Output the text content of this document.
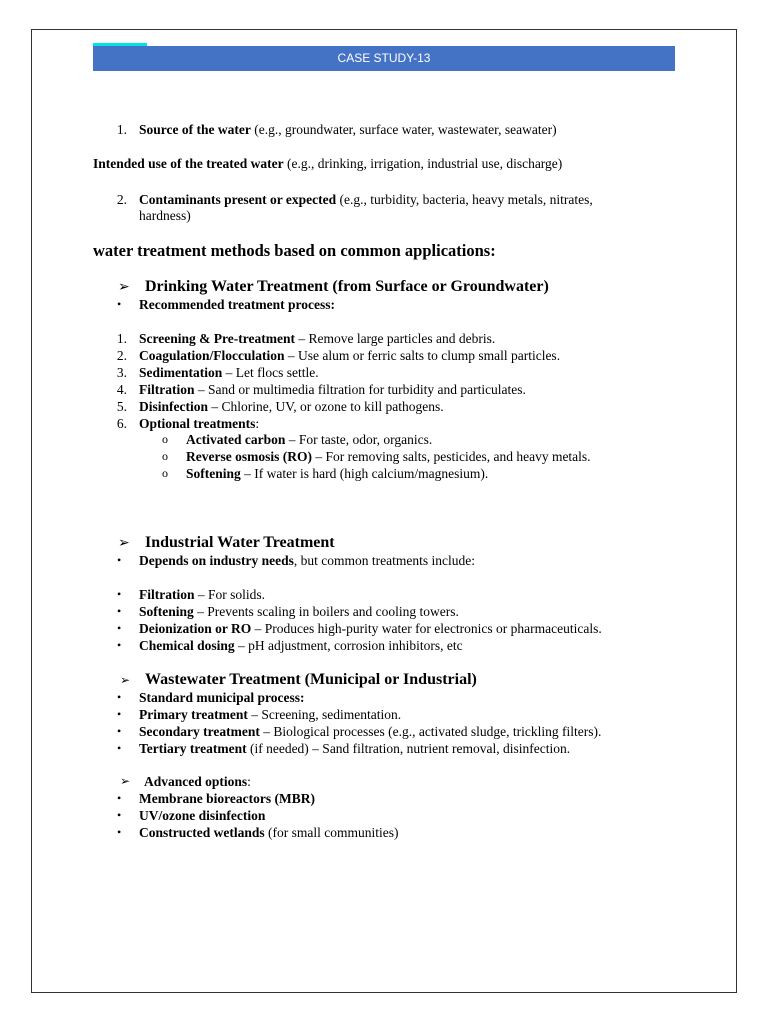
CASE STUDY-13
1. Source of the water (e.g., groundwater, surface water, wastewater, seawater)
Intended use of the treated water (e.g., drinking, irrigation, industrial use, discharge)
2. Contaminants present or expected (e.g., turbidity, bacteria, heavy metals, nitrates,
hardness)
water treatment methods based on common applications:
➢ Drinking Water Treatment (from Surface or Groundwater)
• Recommended treatment process:
1. Screening & Pre-treatment – Remove large particles and debris.
2. Coagulation/Flocculation – Use alum or ferric salts to clump small particles.
3. Sedimentation – Let flocs settle.
4. Filtration – Sand or multimedia filtration for turbidity and particulates.
5. Disinfection – Chlorine, UV, or ozone to kill pathogens.
6. Optional treatments:
o Activated carbon – For taste, odor, organics.
o Reverse osmosis (RO) – For removing salts, pesticides, and heavy metals.
o Softening – If water is hard (high calcium/magnesium).
➢ Industrial Water Treatment
• Depends on industry needs, but common treatments include:
• Filtration – For solids.
• Softening – Prevents scaling in boilers and cooling towers.
• Deionization or RO – Produces high-purity water for electronics or pharmaceuticals.
• Chemical dosing – pH adjustment, corrosion inhibitors, etc
➢ Wastewater Treatment (Municipal or Industrial)
• Standard municipal process:
• Primary treatment – Screening, sedimentation.
• Secondary treatment – Biological processes (e.g., activated sludge, trickling filters).
• Tertiary treatment (if needed) – Sand filtration, nutrient removal, disinfection.
➢ Advanced options:
• Membrane bioreactors (MBR)
• UV/ozone disinfection
• Constructed wetlands (for small communities)
